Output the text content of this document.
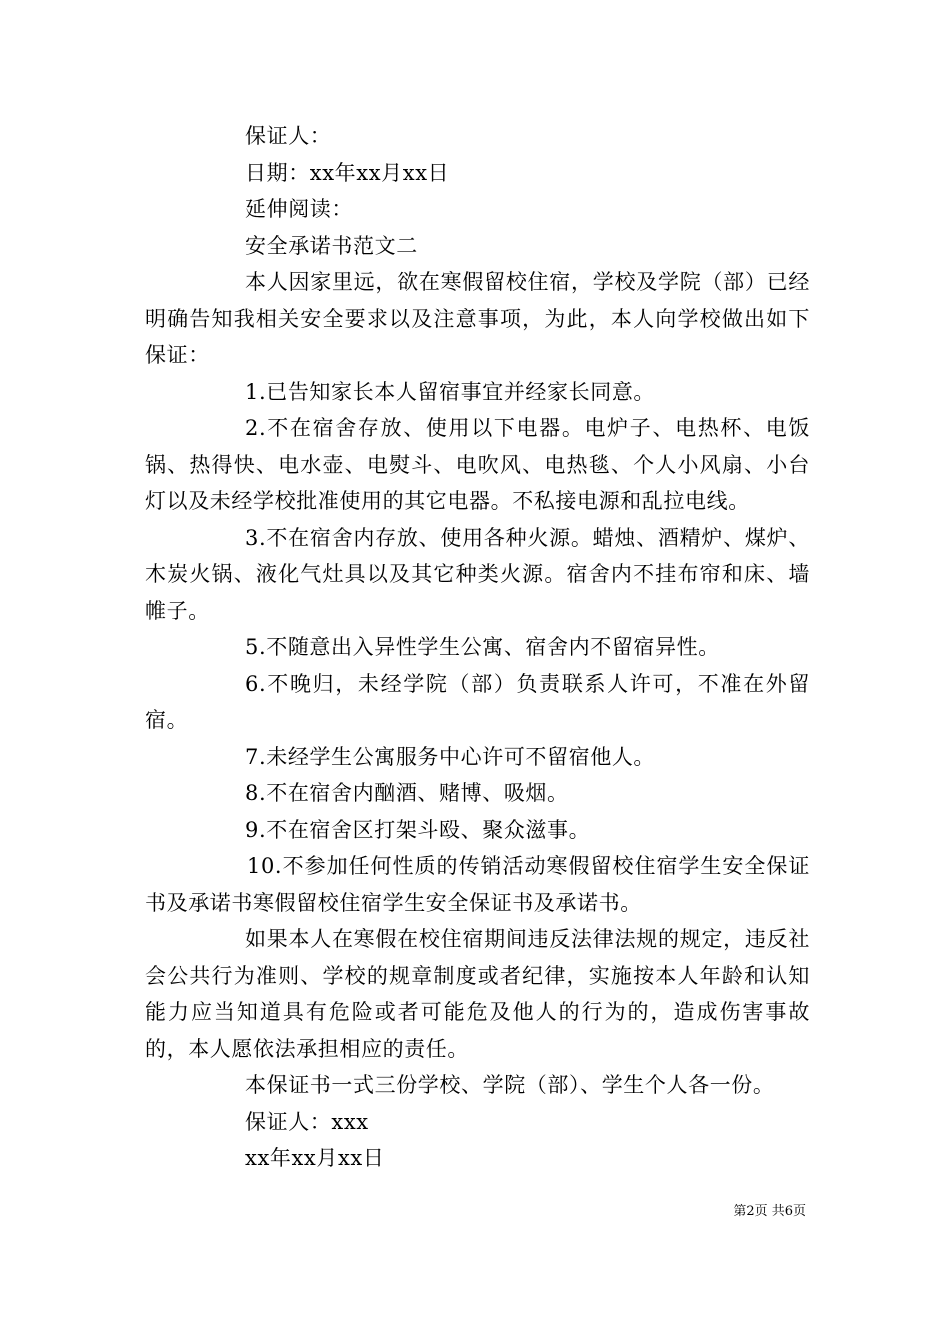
保证人：

日期：xx年xx月xx日

延伸阅读：

安全承诺书范文二

本人因家里远，欲在寒假留校住宿，学校及学院（部）已经明确告知我相关安全要求以及注意事项，为此，本人向学校做出如下保证：

1.已告知家长本人留宿事宜并经家长同意。

2.不在宿舍存放、使用以下电器。电炉子、电热杯、电饭锅、热得快、电水壶、电熨斗、电吹风、电热毯、个人小风扇、小台灯以及未经学校批准使用的其它电器。不私接电源和乱拉电线。

3.不在宿舍内存放、使用各种火源。蜡烛、酒精炉、煤炉、木炭火锅、液化气灶具以及其它种类火源。宿舍内不挂布帘和床、墙帷子。

5.不随意出入异性学生公寓、宿舍内不留宿异性。

6.不晚归，未经学院（部）负责联系人许可，不准在外留宿。

7.未经学生公寓服务中心许可不留宿他人。

8.不在宿舍内酗酒、赌博、吸烟。

9.不在宿舍区打架斗殴、聚众滋事。

10.不参加任何性质的传销活动寒假留校住宿学生安全保证书及承诺书寒假留校住宿学生安全保证书及承诺书。

如果本人在寒假在校住宿期间违反法律法规的规定，违反社会公共行为准则、学校的规章制度或者纪律，实施按本人年龄和认知能力应当知道具有危险或者可能危及他人的行为的，造成伤害事故的，本人愿依法承担相应的责任。

本保证书一式三份学校、学院（部）、学生个人各一份。

保证人：xxx

xx年xx月xx日

第2页 共6页
